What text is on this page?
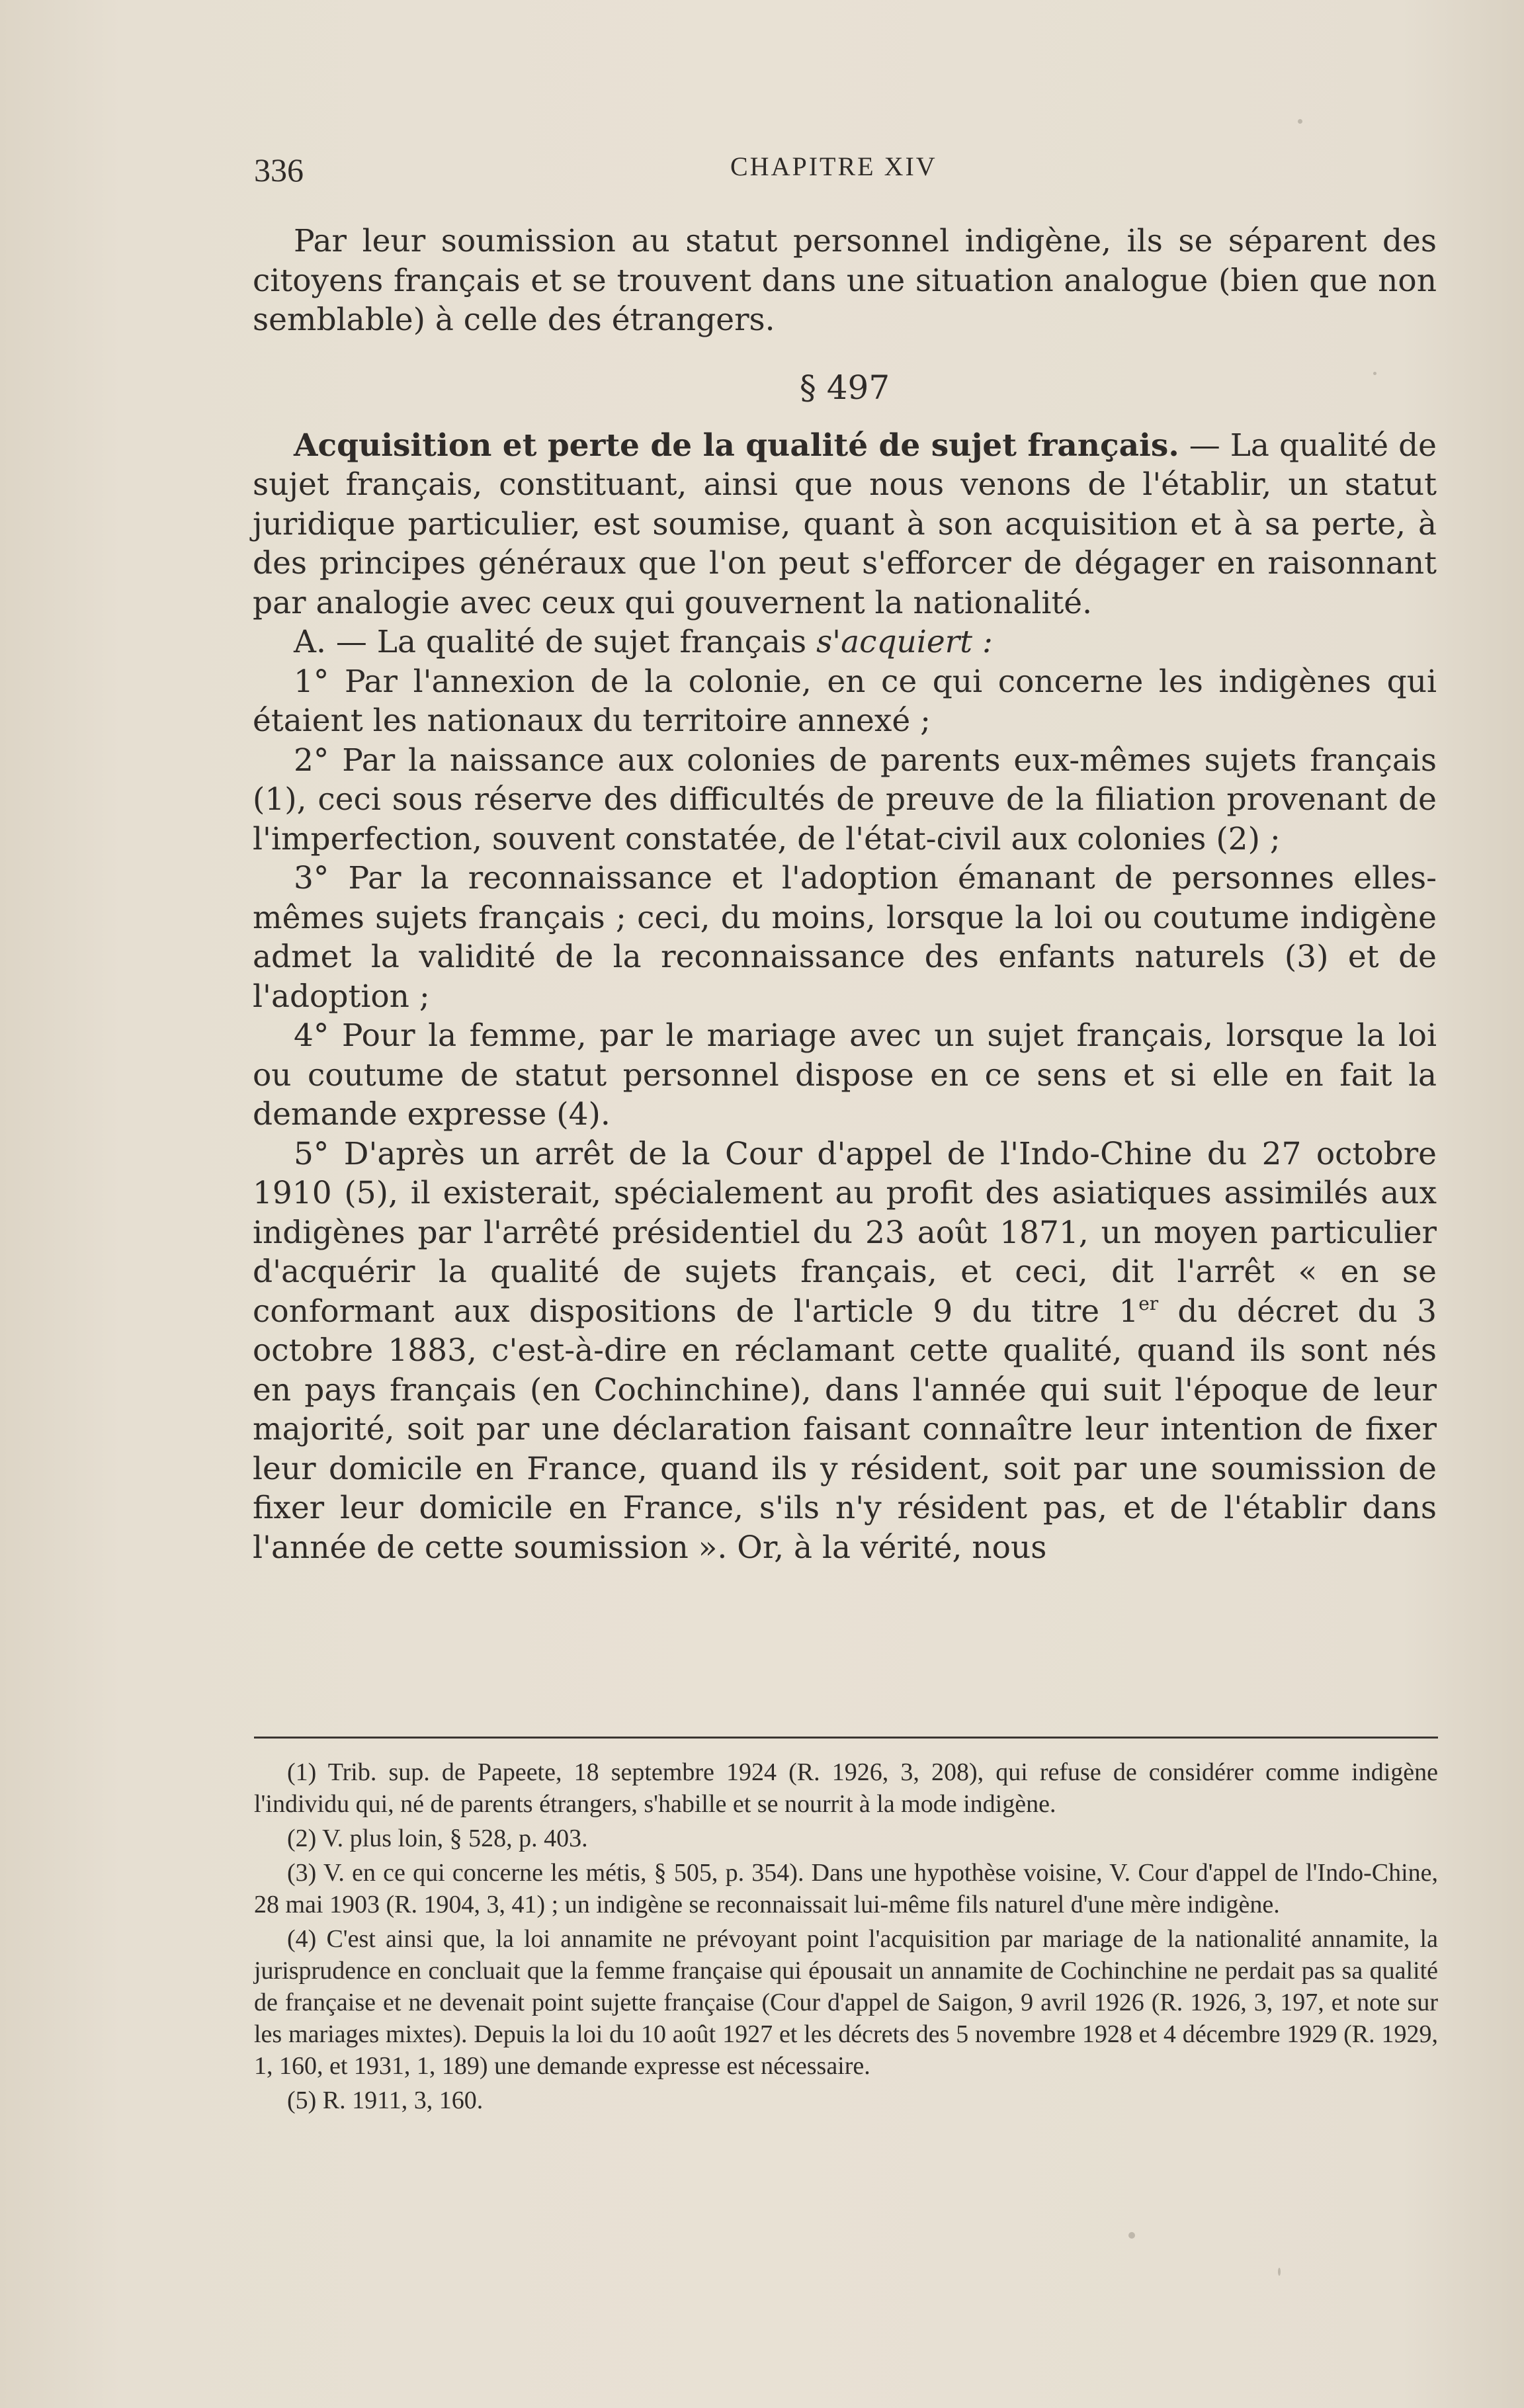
336	CHAPITRE XIV

Par leur soumission au statut personnel indigène, ils se séparent des citoyens français et se trouvent dans une situation analogue (bien que non semblable) à celle des étrangers.

§ 497

Acquisition et perte de la qualité de sujet français. — La qualité de sujet français, constituant, ainsi que nous venons de l'établir, un statut juridique particulier, est soumise, quant à son acquisition et à sa perte, à des principes généraux que l'on peut s'efforcer de dégager en raisonnant par analogie avec ceux qui gouvernent la nationalité.

A. — La qualité de sujet français s'acquiert :

1° Par l'annexion de la colonie, en ce qui concerne les indigènes qui étaient les nationaux du territoire annexé ;

2° Par la naissance aux colonies de parents eux-mêmes sujets français (1), ceci sous réserve des difficultés de preuve de la filiation provenant de l'imperfection, souvent constatée, de l'état-civil aux colonies (2) ;

3° Par la reconnaissance et l'adoption émanant de personnes elles-mêmes sujets français ; ceci, du moins, lorsque la loi ou coutume indigène admet la validité de la reconnaissance des enfants naturels (3) et de l'adoption ;

4° Pour la femme, par le mariage avec un sujet français, lorsque la loi ou coutume de statut personnel dispose en ce sens et si elle en fait la demande expresse (4).

5° D'après un arrêt de la Cour d'appel de l'Indo-Chine du 27 octobre 1910 (5), il existerait, spécialement au profit des asiatiques assimilés aux indigènes par l'arrêté présidentiel du 23 août 1871, un moyen particulier d'acquérir la qualité de sujets français, et ceci, dit l'arrêt « en se conformant aux dispositions de l'article 9 du titre 1er du décret du 3 octobre 1883, c'est-à-dire en réclamant cette qualité, quand ils sont nés en pays français (en Cochinchine), dans l'année qui suit l'époque de leur majorité, soit par une déclaration faisant connaître leur intention de fixer leur domicile en France, quand ils y résident, soit par une soumission de fixer leur domicile en France, s'ils n'y résident pas, et de l'établir dans l'année de cette soumission ». Or, à la vérité, nous

(1) Trib. sup. de Papeete, 18 septembre 1924 (R. 1926, 3, 208), qui refuse de considérer comme indigène l'individu qui, né de parents étrangers, s'habille et se nourrit à la mode indigène.

(2) V. plus loin, § 528, p. 403.

(3) V. en ce qui concerne les métis, § 505, p. 354). Dans une hypothèse voisine, V. Cour d'appel de l'Indo-Chine, 28 mai 1903 (R. 1904, 3, 41) ; un indigène se reconnaissait lui-même fils naturel d'une mère indigène.

(4) C'est ainsi que, la loi annamite ne prévoyant point l'acquisition par mariage de la nationalité annamite, la jurisprudence en concluait que la femme française qui épousait un annamite de Cochinchine ne perdait pas sa qualité de française et ne devenait point sujette française (Cour d'appel de Saigon, 9 avril 1926 (R. 1926, 3, 197, et note sur les mariages mixtes). Depuis la loi du 10 août 1927 et les décrets des 5 novembre 1928 et 4 décembre 1929 (R. 1929, 1, 160, et 1931, 1, 189) une demande expresse est nécessaire.

(5) R. 1911, 3, 160.
